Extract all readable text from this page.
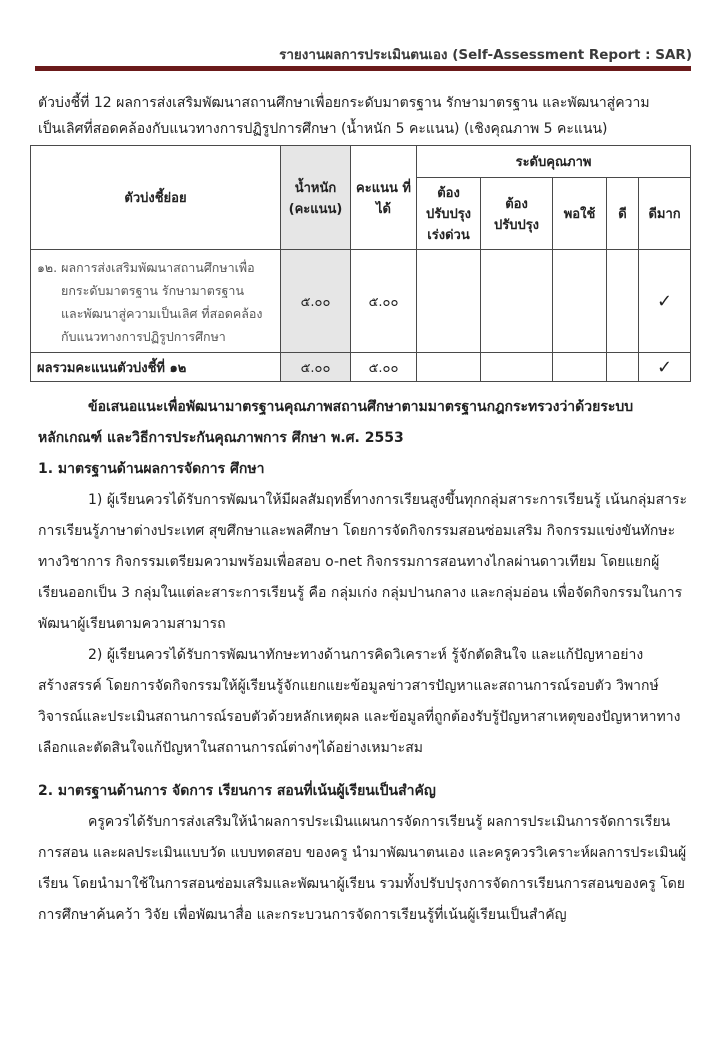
รายงานผลการประเมินตนเอง (Self-Assessment Report : SAR)
ตัวบ่งชี้ที่ 12 ผลการส่งเสริมพัฒนาสถานศึกษาเพื่อยกระดับมาตรฐาน รักษามาตรฐาน และพัฒนาสู่ความ
เป็นเลิศที่สอดคล้องกับแนวทางการปฏิรูปการศึกษา (น้ำหนัก 5 คะแนน) (เชิงคุณภาพ 5 คะแนน)
ตัวบ่งชี้ย่อย	น้ำหนัก (คะแนน)	คะแนน ที่ได้	ระดับคุณภาพ				
			ต้อง ปรับปรุง เร่งด่วน	ต้อง ปรับปรุง	พอใช้	ดี	ดีมาก

๑๒. ผลการส่งเสริมพัฒนาสถานศึกษาเพื่อ
ยกระดับมาตรฐาน รักษามาตรฐาน
และพัฒนาสู่ความเป็นเลิศ ที่สอดคล้อง
กับแนวทางการปฏิรูปการศึกษา	๕.๐๐	๕.๐๐					✓
ผลรวมคะแนนตัวบ่งชี้ที่ ๑๒	๕.๐๐	๕.๐๐					✓

ข้อเสนอแนะเพื่อพัฒนามาตรฐานคุณภาพสถานศึกษาตามมาตรฐานกฎกระทรวงว่าด้วยระบบ

หลักเกณฑ์ และวิธีการประกันคุณภาพการ ศึกษา พ.ศ. 2553

1. มาตรฐานด้านผลการจัดการ ศึกษา

1) ผู้เรียนควรได้รับการพัฒนาให้มีผลสัมฤทธิ์ทางการเรียนสูงขึ้นทุกกลุ่มสาระการเรียนรู้ เน้นกลุ่มสาระการเรียนรู้ภาษาต่างประเทศ สุขศึกษาและพลศึกษา โดยการจัดกิจกรรมสอนซ่อมเสริม กิจกรรมแข่งขันทักษะทางวิชาการ กิจกรรมเตรียมความพร้อมเพื่อสอบ o-net กิจกรรมการสอนทางไกลผ่านดาวเทียม โดยแยกผู้เรียนออกเป็น 3 กลุ่มในแต่ละสาระการเรียนรู้ คือ กลุ่มเก่ง กลุ่มปานกลาง และกลุ่มอ่อน เพื่อจัดกิจกรรมในการพัฒนาผู้เรียนตามความสามารถ

2) ผู้เรียนควรได้รับการพัฒนาทักษะทางด้านการคิดวิเคราะห์ รู้จักตัดสินใจ และแก้ปัญหาอย่างสร้างสรรค์ โดยการจัดกิจกรรมให้ผู้เรียนรู้จักแยกแยะข้อมูลข่าวสารปัญหาและสถานการณ์รอบตัว วิพากษ์วิจารณ์และประเมินสถานการณ์รอบตัวด้วยหลักเหตุผล และข้อมูลที่ถูกต้องรับรู้ปัญหาสาเหตุของปัญหาหาทางเลือกและตัดสินใจแก้ปัญหาในสถานการณ์ต่างๆได้อย่างเหมาะสม

2. มาตรฐานด้านการ จัดการ เรียนการ สอนที่เน้นผู้เรียนเป็นสำคัญ

ครูควรได้รับการส่งเสริมให้นำผลการประเมินแผนการจัดการเรียนรู้ ผลการประเมินการจัดการเรียนการสอน และผลประเมินแบบวัด แบบทดสอบ ของครู นำมาพัฒนาตนเอง และครูควรวิเคราะห์ผลการประเมินผู้เรียน โดยนำมาใช้ในการสอนซ่อมเสริมและพัฒนาผู้เรียน รวมทั้งปรับปรุงการจัดการเรียนการสอนของครู โดยการศึกษาค้นคว้า วิจัย เพื่อพัฒนาสื่อ และกระบวนการจัดการเรียนรู้ที่เน้นผู้เรียนเป็นสำคัญ
